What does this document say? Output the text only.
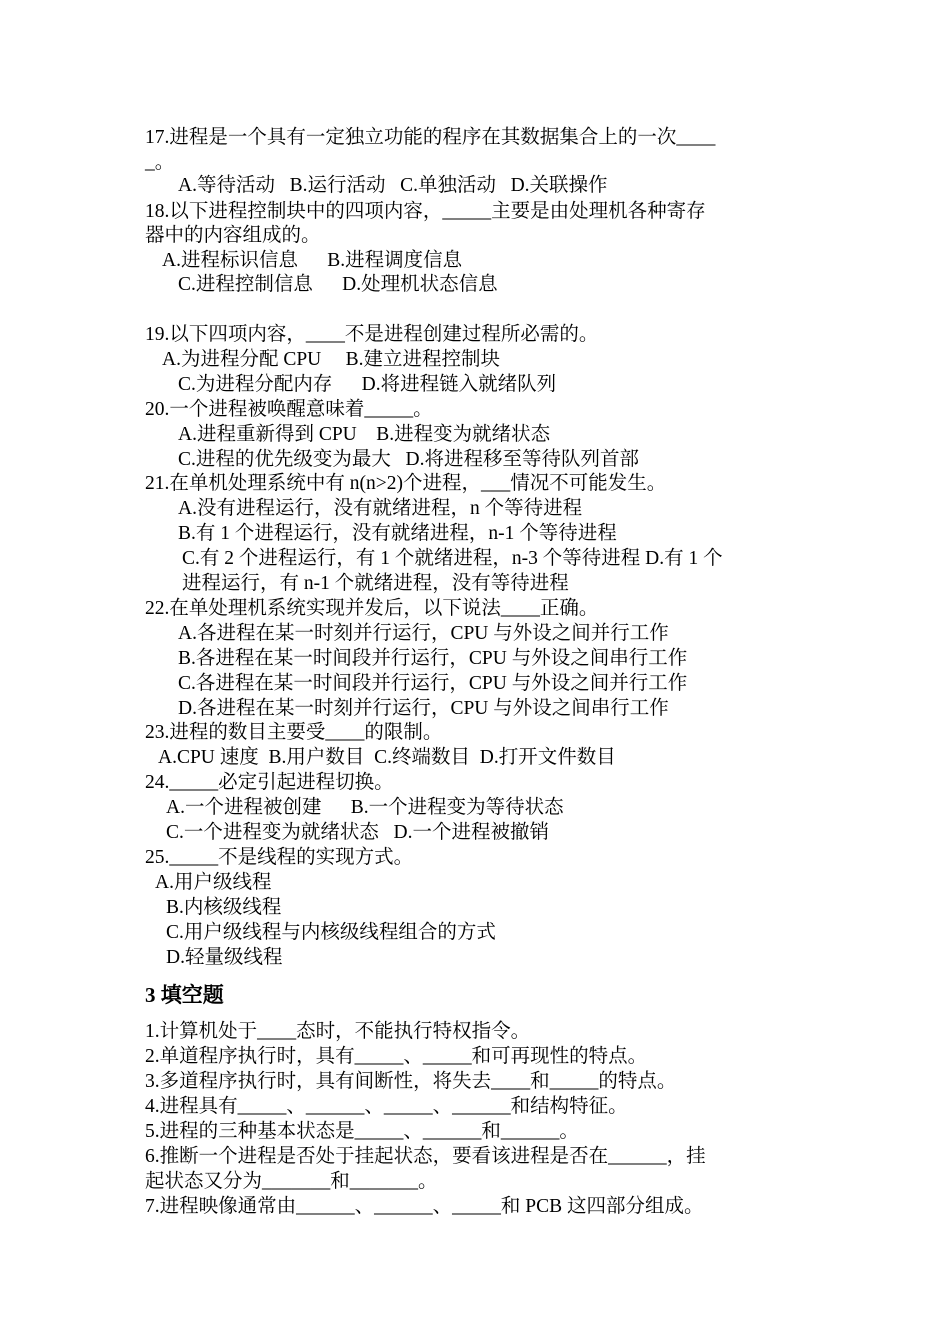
17.进程是一个具有一定独立功能的程序在其数据集合上的一次____
_。
A.等待活动   B.运行活动   C.单独活动   D.关联操作
18.以下进程控制块中的四项内容，_____主要是由处理机各种寄存
器中的内容组成的。
A.进程标识信息      B.进程调度信息
C.进程控制信息      D.处理机状态信息
19.以下四项内容，____不是进程创建过程所必需的。
A.为进程分配 CPU     B.建立进程控制块
C.为进程分配内存      D.将进程链入就绪队列
20.一个进程被唤醒意味着_____。
A.进程重新得到 CPU    B.进程变为就绪状态
C.进程的优先级变为最大   D.将进程移至等待队列首部
21.在单机处理系统中有 n(n>2)个进程，___情况不可能发生。
A.没有进程运行，没有就绪进程，n 个等待进程
B.有 1 个进程运行，没有就绪进程，n-1 个等待进程
C.有 2 个进程运行，有 1 个就绪进程，n-3 个等待进程 D.有 1 个
进程运行，有 n-1 个就绪进程，没有等待进程
22.在单处理机系统实现并发后，以下说法____正确。
A.各进程在某一时刻并行运行，CPU 与外设之间并行工作
B.各进程在某一时间段并行运行，CPU 与外设之间串行工作
C.各进程在某一时间段并行运行，CPU 与外设之间并行工作
D.各进程在某一时刻并行运行，CPU 与外设之间串行工作
23.进程的数目主要受____的限制。
A.CPU 速度  B.用户数目  C.终端数目  D.打开文件数目
24._____必定引起进程切换。
A.一个进程被创建      B.一个进程变为等待状态
C.一个进程变为就绪状态   D.一个进程被撤销
25._____不是线程的实现方式。
A.用户级线程
B.内核级线程
C.用户级线程与内核级线程组合的方式
D.轻量级线程
3 填空题
1.计算机处于____态时，不能执行特权指令。
2.单道程序执行时，具有_____、_____和可再现性的特点。
3.多道程序执行时，具有间断性，将失去____和_____的特点。
4.进程具有_____、______、_____、______和结构特征。
5.进程的三种基本状态是_____、______和______。
6.推断一个进程是否处于挂起状态，要看该进程是否在______，挂
起状态又分为_______和_______。
7.进程映像通常由______、______、_____和 PCB 这四部分组成。
